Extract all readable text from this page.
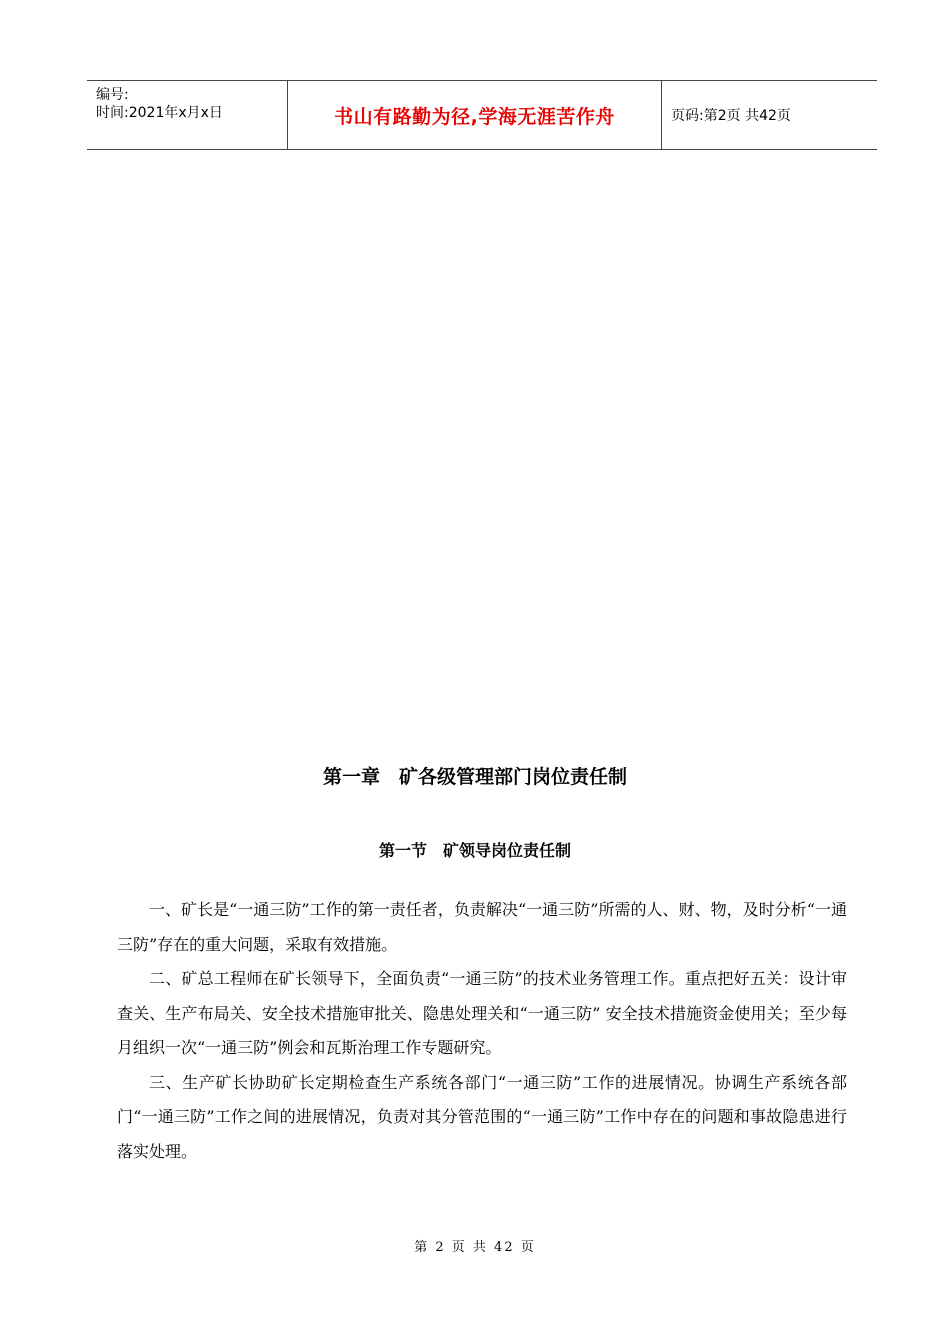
编号:
时间:2021年x月x日	书山有路勤为径,学海无涯苦作舟	页码:第2页 共42页
第一章　矿各级管理部门岗位责任制
第一节　矿领导岗位责任制

一、矿长是“一通三防”工作的第一责任者，负责解决“一通三防”所需的人、财、物，及时分析“一通三防”存在的重大问题，采取有效措施。

二、矿总工程师在矿长领导下，全面负责“一通三防”的技术业务管理工作。重点把好五关：设计审查关、生产布局关、安全技术措施审批关、隐患处理关和“一通三防” 安全技术措施资金使用关；至少每月组织一次“一通三防”例会和瓦斯治理工作专题研究。

三、生产矿长协助矿长定期检查生产系统各部门“一通三防”工作的进展情况。协调生产系统各部门“一通三防”工作之间的进展情况，负责对其分管范围的“一通三防”工作中存在的问题和事故隐患进行落实处理。

第 2 页 共 42 页
